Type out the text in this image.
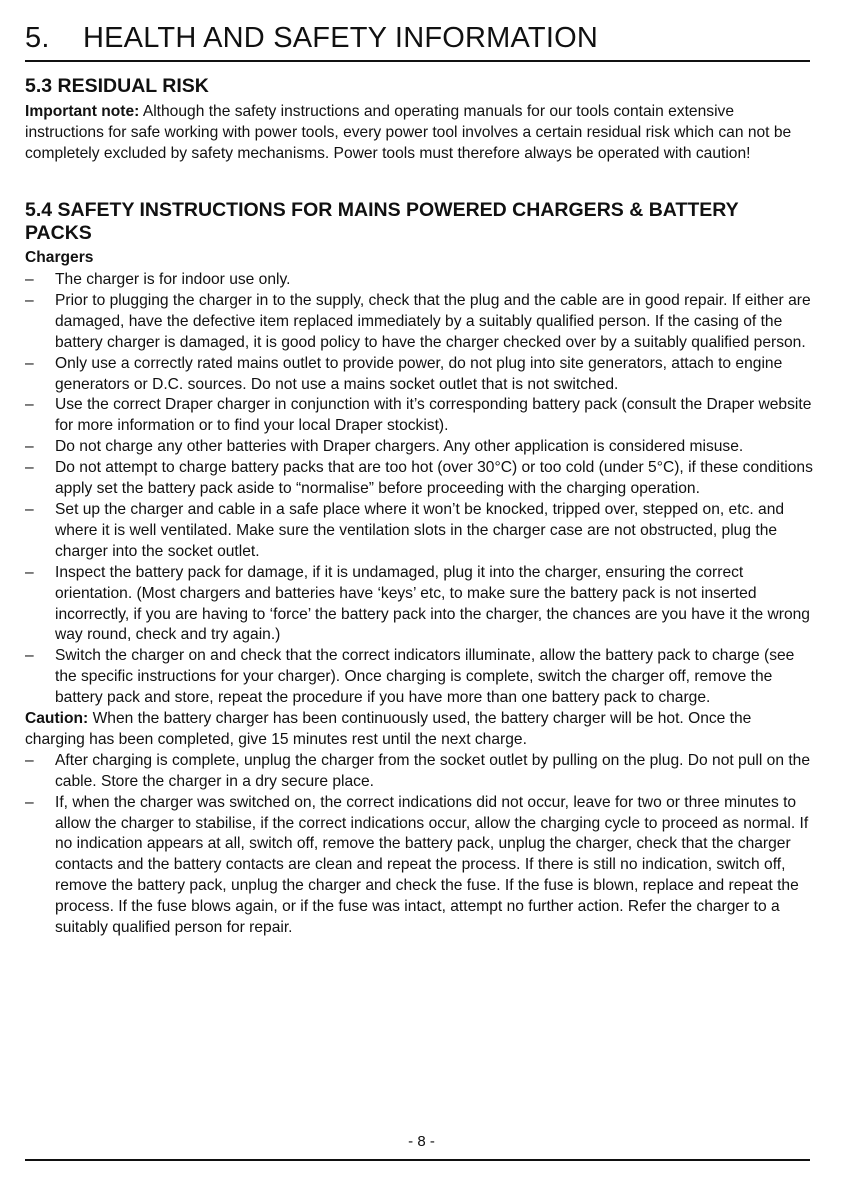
5. HEALTH AND SAFETY INFORMATION
5.3 RESIDUAL RISK

Important note: Although the safety instructions and operating manuals for our tools contain extensive instructions for safe working with power tools, every power tool involves a certain residual risk which can not be completely excluded by safety mechanisms. Power tools must therefore always be operated with caution!

5.4 SAFETY INSTRUCTIONS FOR MAINS POWERED CHARGERS & BATTERY PACKS
Chargers
–	The charger is for indoor use only.
–	Prior to plugging the charger in to the supply, check that the plug and the cable are in good repair. If either are damaged, have the defective item replaced immediately by a suitably qualified person. If the casing of the battery charger is damaged, it is good policy to have the charger checked over by a suitably qualified person.
–	Only use a correctly rated mains outlet to provide power, do not plug into site generators, attach to engine generators or D.C. sources. Do not use a mains socket outlet that is not switched.
–	Use the correct Draper charger in conjunction with it’s corresponding battery pack (consult the Draper website for more information or to find your local Draper stockist).
–	Do not charge any other batteries with Draper chargers. Any other application is considered misuse.
–	Do not attempt to charge battery packs that are too hot (over 30°C) or too cold (under 5°C), if these conditions apply set the battery pack aside to “normalise” before proceeding with the charging operation.
–	Set up the charger and cable in a safe place where it won’t be knocked, tripped over, stepped on, etc. and where it is well ventilated. Make sure the ventilation slots in the charger case are not obstructed, plug the charger into the socket outlet.
–	Inspect the battery pack for damage, if it is undamaged, plug it into the charger, ensuring the correct orientation. (Most chargers and batteries have ‘keys’ etc, to make sure the battery pack is not inserted incorrectly, if you are having to ‘force’ the battery pack into the charger, the chances are you have it the wrong way round, check and try again.)
–	Switch the charger on and check that the correct indicators illuminate, allow the battery pack to charge (see the specific instructions for your charger). Once charging is complete, switch the charger off, remove the battery pack and store, repeat the procedure if you have more than one battery pack to charge.

Caution: When the battery charger has been continuously used, the battery charger will be hot. Once the charging has been completed, give 15 minutes rest until the next charge.

–	After charging is complete, unplug the charger from the socket outlet by pulling on the plug. Do not pull on the cable. Store the charger in a dry secure place.
–	If, when the charger was switched on, the correct indications did not occur, leave for two or three minutes to allow the charger to stabilise, if the correct indications occur, allow the charging cycle to proceed as normal. If no indication appears at all, switch off, remove the battery pack, unplug the charger, check that the charger contacts and the battery contacts are clean and repeat the process. If there is still no indication, switch off, remove the battery pack, unplug the charger and check the fuse. If the fuse is blown, replace and repeat the process. If the fuse blows again, or if the fuse was intact, attempt no further action. Refer the charger to a suitably qualified person for repair.
- 8 -
